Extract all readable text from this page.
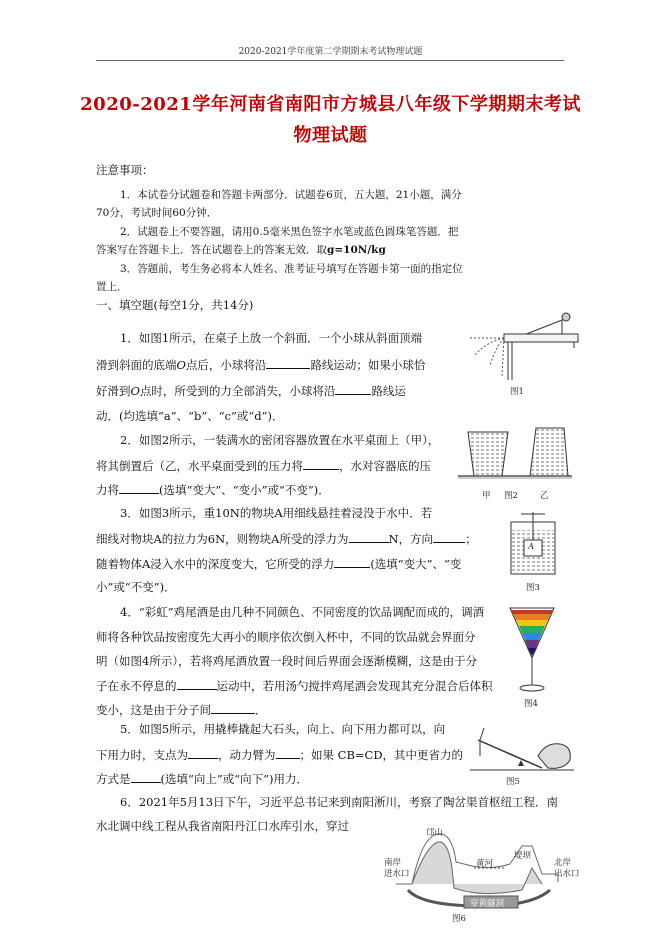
2020-2021学年度第二学期期末考试物理试题
2020-2021学年河南省南阳市方城县八年级下学期期末考试
物理试题
注意事项：
1．本试卷分试题卷和答题卡两部分．试题卷6页，五大题，21小题，满分
70分，考试时间60分钟．
2．试题卷上不要答题，请用0.5毫米黑色签字水笔或蓝色圆珠笔答题．把
答案写在答题卡上．答在试题卷上的答案无效．取g=10N/kg
3．答题前，考生务必将本人姓名、准考证号填写在答题卡第一面的指定位
置上．
一、填空题(每空1分，共14分)
1．如图1所示，在桌子上放一个斜面．一个小球从斜面顶端
滑到斜面的底端O点后，小球将沿	路线运动；如果小球恰
好滑到O点时，所受到的力全部消失，小球将沿	路线运
动．(均选填“a”、“b”、“c”或“d”)．
图1
2．如图2所示，一装满水的密闭容器放置在水平桌面上（甲），
将其倒置后（乙，水平桌面受到的压力将	，水对容器底的压
力将	(选填“变大”、“变小”或“不变”)．	甲 图2	乙
3．如图3所示，重10N的物块A用细线悬挂着浸没于水中．若
细线对物块A的拉力为6N，则物块A所受的浮力为	N，方向	；
随着物体A浸入水中的深度变大，它所受的浮力	(选填“变大”、“变
小”或“不变”)．
A
图3
4．“彩虹”鸡尾酒是由几种不同颜色、不同密度的饮品调配而成的，调酒
师将各种饮品按密度先大再小的顺序依次倒入杯中，不同的饮品就会界面分
明（如图4所示），若将鸡尾酒放置一段时间后界面会逐渐模糊，这是由于分
子在永不停息的	运动中，若用汤勺搅拌鸡尾酒会发现其充分混合后体积
变小，这是由于分子间	．	图4
5．如图5所示，用撬棒撬起大石头，向上、向下用力都可以，向
下用力时，支点为	，动力臂为 ；如果 CB=CD，其中更省力的
方式是	(选填“向上”或“向下”)用力．	图5
6．2021年5月13日下午，习近平总书记来到南阳淅川，考察了陶岔渠首枢纽工程．南
水北调中线工程从我省南阳丹江口水库引水，穿过	邙山
南岸
进水口
黄河
堤坝
北岸
出水口
穿黄隧洞
图6
